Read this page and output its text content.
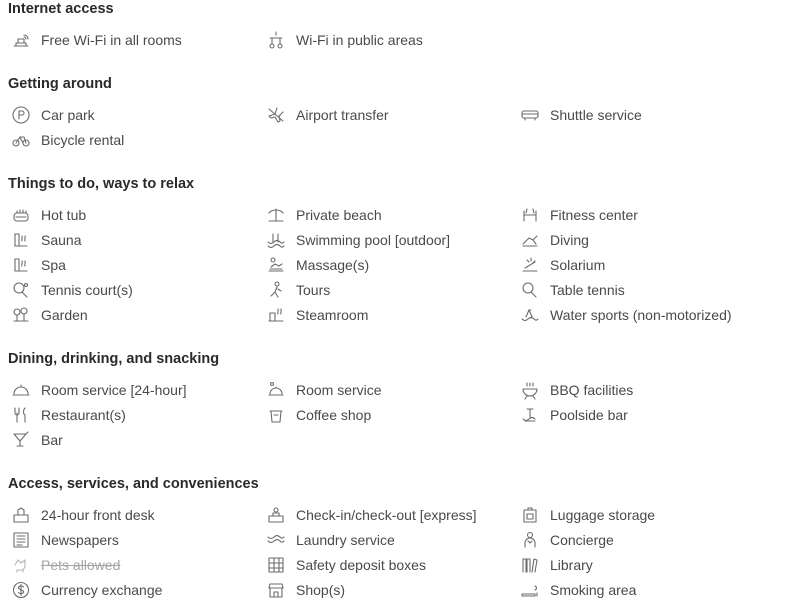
Internet access
Free Wi-Fi in all rooms	Wi-Fi in public areas
Getting around
Car park	Airport transfer	Shuttle service
Bicycle rental
Things to do, ways to relax
Hot tub	Private beach	Fitness center
Sauna	Swimming pool [outdoor]	Diving
Spa	Massage(s)	Solarium
Tennis court(s)	Tours	Table tennis
Garden	Steamroom	Water sports (non-motorized)
Dining, drinking, and snacking
Room service [24-hour]	Room service	BBQ facilities
Restaurant(s)	Coffee shop	Poolside bar
Bar
Access, services, and conveniences
24-hour front desk	Check-in/check-out [express]	Luggage storage
Newspapers	Laundry service	Concierge
Pets allowed	Safety deposit boxes	Library
Currency exchange	Shop(s)	Smoking area
